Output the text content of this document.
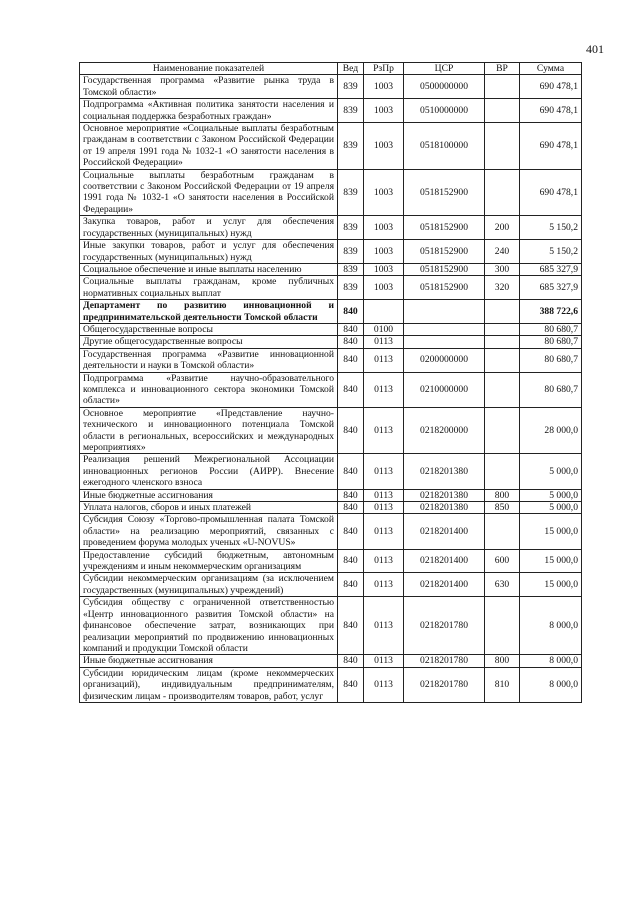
401
Наименование показателей	Вед	РзПр	ЦСР	ВР	Сумма
Государственная программа «Развитие рынка труда в Томской области»	839	1003	0500000000		690 478,1
Подпрограмма «Активная политика занятости населения и социальная поддержка безработных граждан»	839	1003	0510000000		690 478,1
Основное мероприятие «Социальные выплаты безработным гражданам в соответствии с Законом Российской Федерации от 19 апреля 1991 года № 1032-1 «О занятости населения в Российской Федерации»	839	1003	0518100000		690 478,1
Социальные выплаты безработным гражданам в соответствии с Законом Российской Федерации от 19 апреля 1991 года № 1032-1 «О занятости населения в Российской Федерации»	839	1003	0518152900		690 478,1
Закупка товаров, работ и услуг для обеспечения государственных (муниципальных) нужд	839	1003	0518152900	200	5 150,2
Иные закупки товаров, работ и услуг для обеспечения государственных (муниципальных) нужд	839	1003	0518152900	240	5 150,2
Социальное обеспечение и иные выплаты населению	839	1003	0518152900	300	685 327,9
Социальные выплаты гражданам, кроме публичных нормативных социальных выплат	839	1003	0518152900	320	685 327,9
Департамент по развитию инновационной и предпринимательской деятельности Томской области	840				388 722,6
Общегосударственные вопросы	840	0100			80 680,7
Другие общегосударственные вопросы	840	0113			80 680,7
Государственная программа «Развитие инновационной деятельности и науки в Томской области»	840	0113	0200000000		80 680,7
Подпрограмма «Развитие научно-образовательного комплекса и инновационного сектора экономики Томской области»	840	0113	0210000000		80 680,7
Основное мероприятие «Представление научно-технического и инновационного потенциала Томской области в региональных, всероссийских и международных мероприятиях»	840	0113	0218200000		28 000,0
Реализация решений Межрегиональной Ассоциации инновационных регионов России (АИРР). Внесение ежегодного членского взноса	840	0113	0218201380		5 000,0
Иные бюджетные ассигнования	840	0113	0218201380	800	5 000,0
Уплата налогов, сборов и иных платежей	840	0113	0218201380	850	5 000,0
Субсидия Союзу «Торгово-промышленная палата Томской области» на реализацию мероприятий, связанных с проведением форума молодых ученых «U-NOVUS»	840	0113	0218201400		15 000,0
Предоставление субсидий бюджетным, автономным учреждениям и иным некоммерческим организациям	840	0113	0218201400	600	15 000,0
Субсидии некоммерческим организациям (за исключением государственных (муниципальных) учреждений)	840	0113	0218201400	630	15 000,0
Субсидия обществу с ограниченной ответственностью «Центр инновационного развития Томской области» на финансовое обеспечение затрат, возникающих при реализации мероприятий по продвижению инновационных компаний и продукции Томской области	840	0113	0218201780		8 000,0
Иные бюджетные ассигнования	840	0113	0218201780	800	8 000,0
Субсидии юридическим лицам (кроме некоммерческих организаций), индивидуальным предпринимателям, физическим лицам - производителям товаров, работ, услуг	840	0113	0218201780	810	8 000,0
